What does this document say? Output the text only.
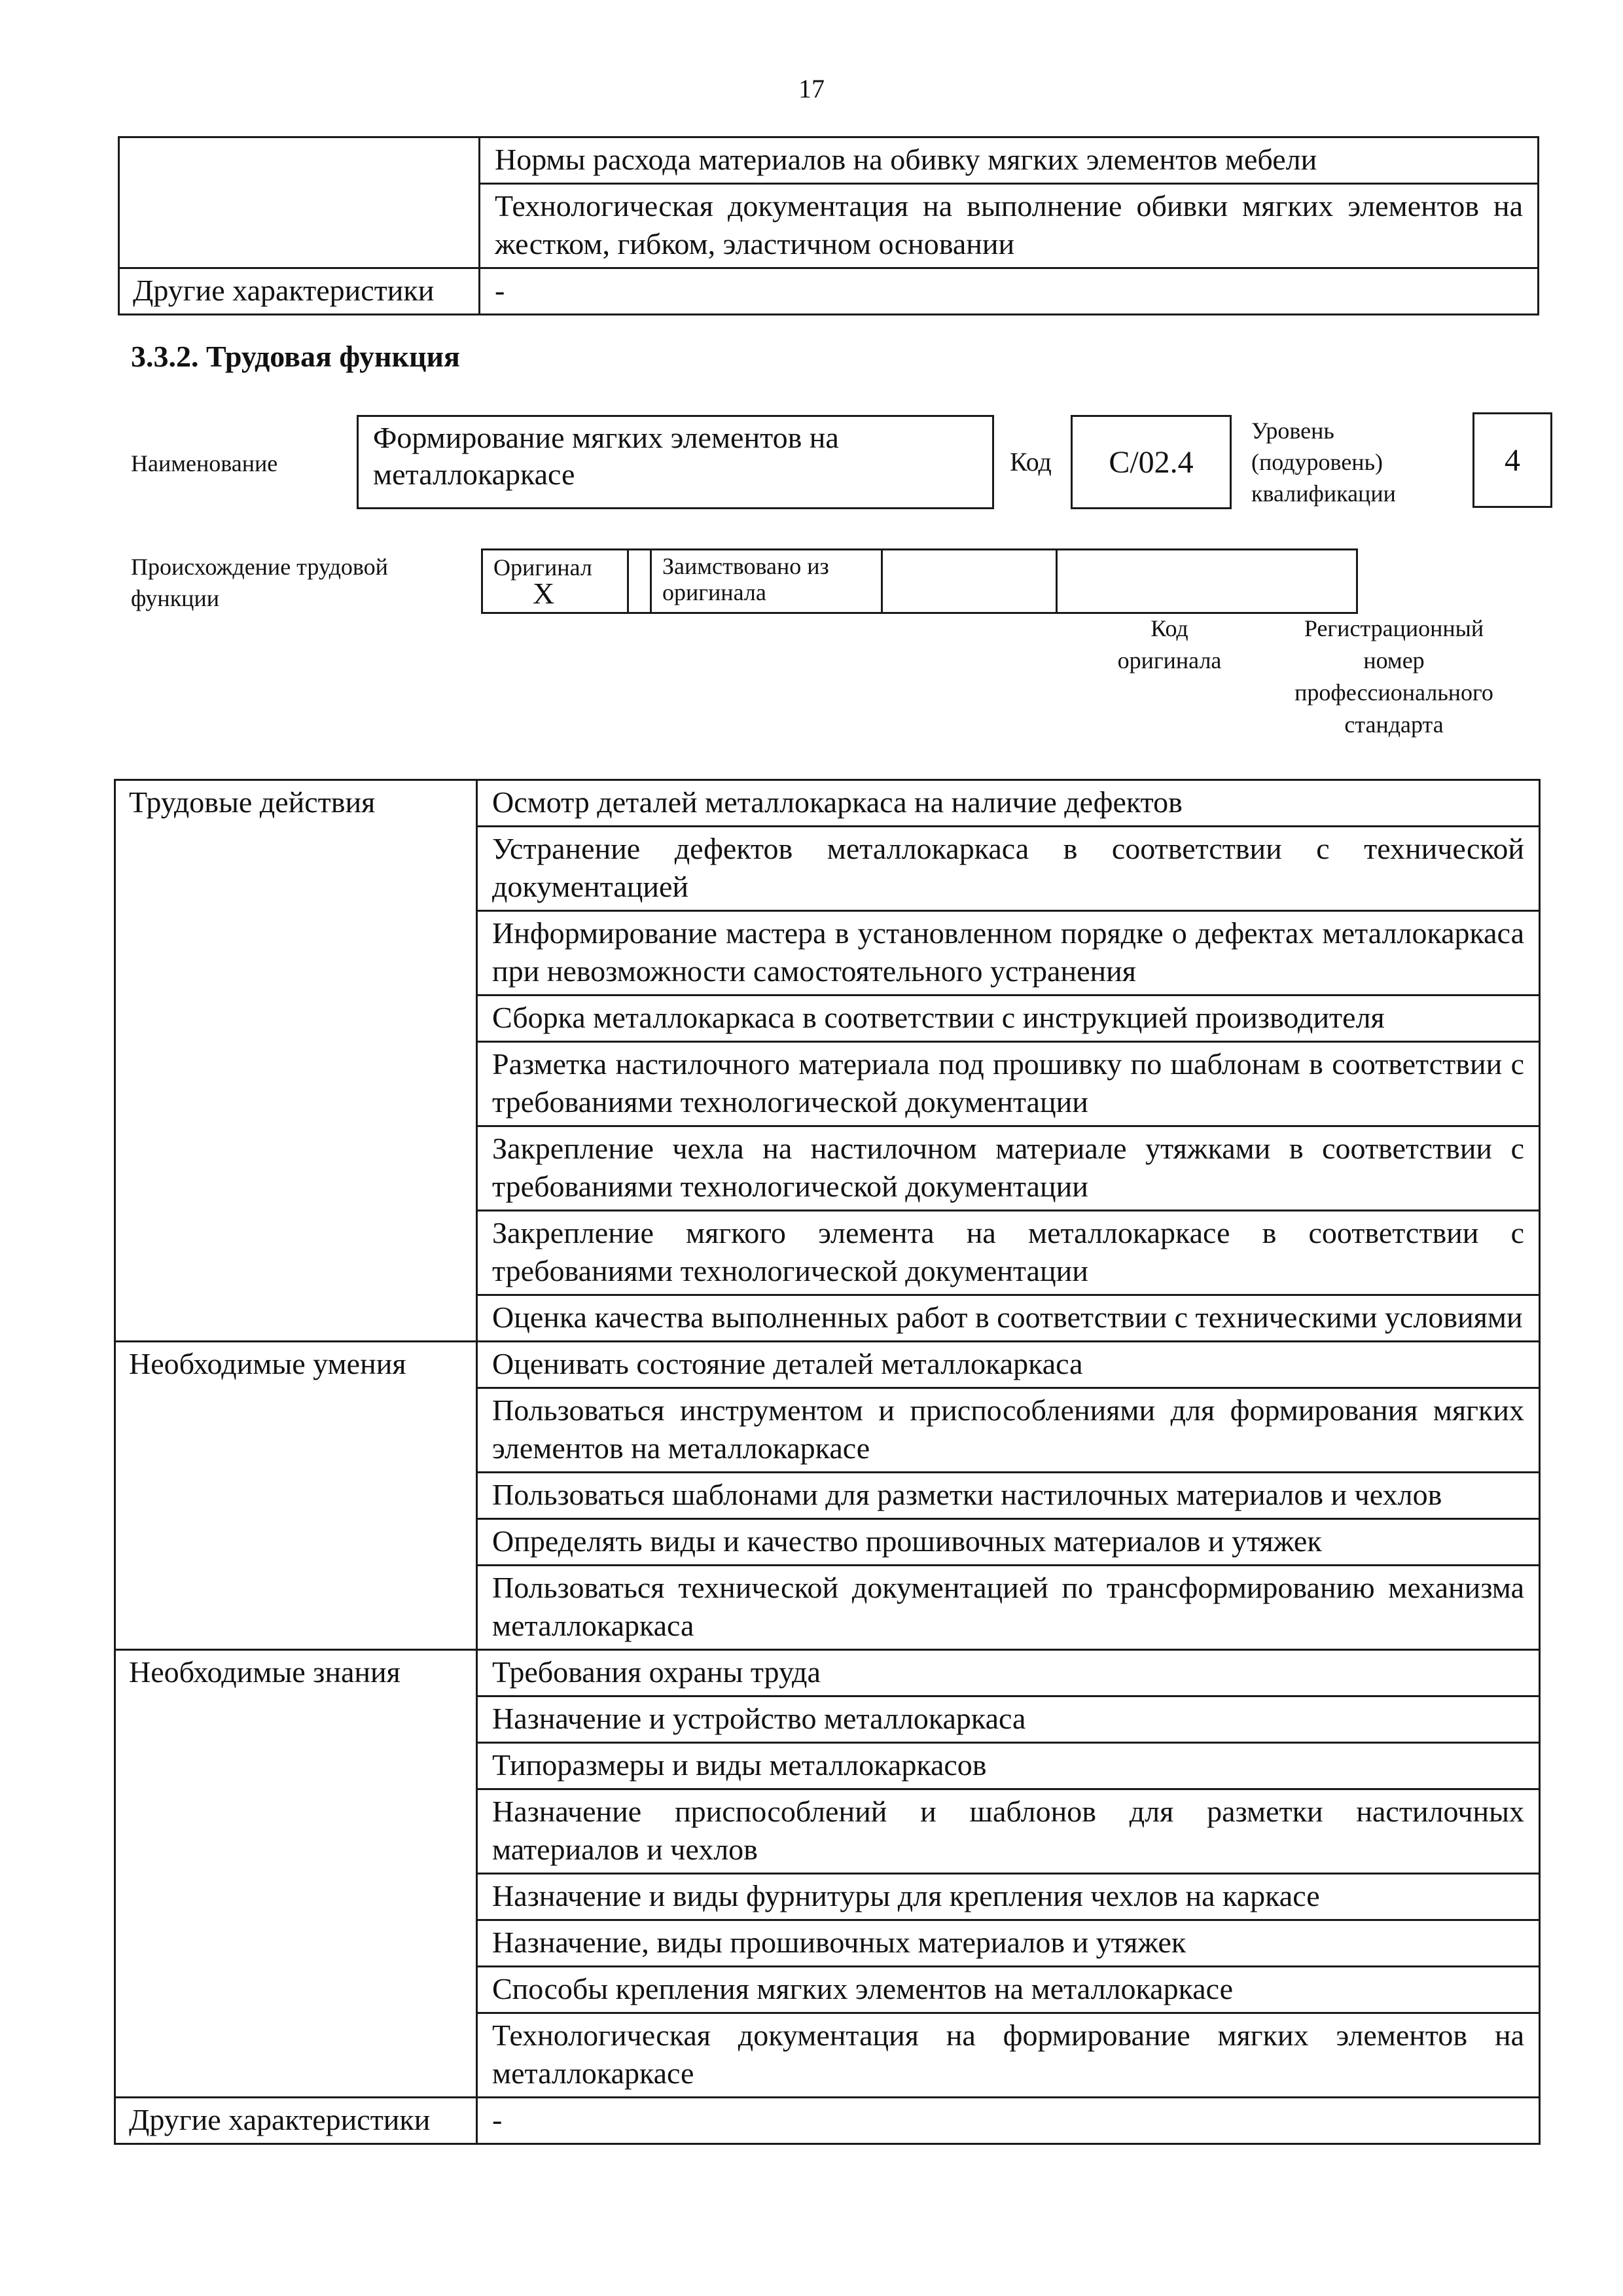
17
	Нормы расхода материалов на обивку мягких элементов мебели
	Технологическая документация на выполнение обивки мягких элементов на жестком, гибком, эластичном основании
Другие характеристики	-
3.3.2. Трудовая функция
Наименование
Формирование мягких элементов на металлокаркасе	Код	C/02.4
Уровень
(подуровень)
квалификации
4
Происхождение трудовой
функции
Оригинал X		
Заимствовано из
оригинала

Код
оригинала
Регистрационный
номер
профессионального
стандарта
Трудовые действия	Осмотр деталей металлокаркаса на наличие дефектов
	Устранение дефектов металлокаркаса в соответствии с технической документацией
	Информирование мастера в установленном порядке о дефектах металлокаркаса при невозможности самостоятельного устранения
	Сборка металлокаркаса в соответствии с инструкцией производителя
	Разметка настилочного материала под прошивку по шаблонам в соответствии с требованиями технологической документации
	Закрепление чехла на настилочном материале утяжками в соответствии с требованиями технологической документации
	Закрепление мягкого элемента на металлокаркасе в соответствии с требованиями технологической документации
	Оценка качества выполненных работ в соответствии с техническими условиями
Необходимые умения	Оценивать состояние деталей металлокаркаса
	Пользоваться инструментом и приспособлениями для формирования мягких элементов на металлокаркасе
	Пользоваться шаблонами для разметки настилочных материалов и чехлов
	Определять виды и качество прошивочных материалов и утяжек
	Пользоваться технической документацией по трансформированию механизма металлокаркаса
Необходимые знания	Требования охраны труда
	Назначение и устройство металлокаркаса
	Типоразмеры и виды металлокаркасов
	Назначение приспособлений и шаблонов для разметки настилочных материалов и чехлов
	Назначение и виды фурнитуры для крепления чехлов на каркасе
	Назначение, виды прошивочных материалов и утяжек
	Способы крепления мягких элементов на металлокаркасе
	Технологическая документация на формирование мягких элементов на металлокаркасе
Другие характеристики	-
